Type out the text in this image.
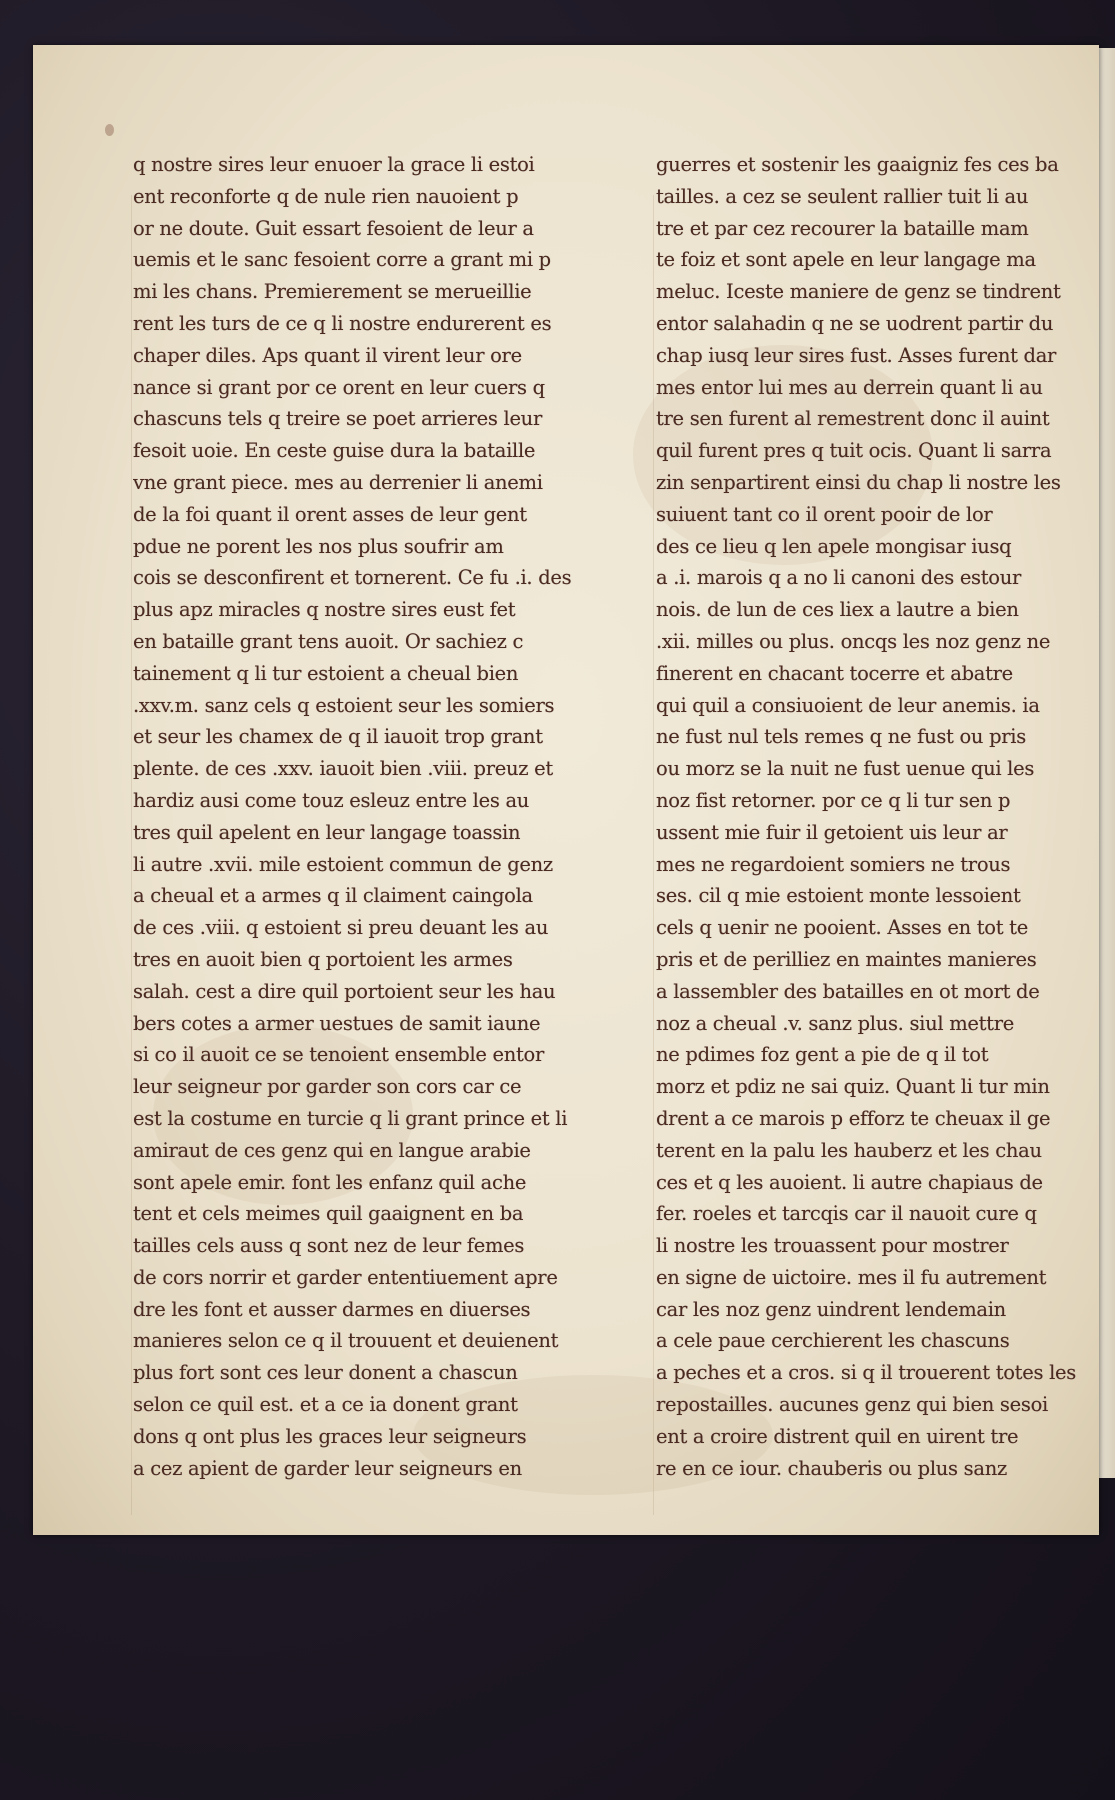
q nostre sires leur enuoer la grace li estoi
ent reconforte q de nule rien nauoient p
or ne doute. Guit essart fesoient de leur a
uemis et le sanc fesoient corre a grant mi p
mi les chans. Premierement se merueillie
rent les turs de ce q li nostre endurerent es
chaper diles. Aps quant il virent leur ore
nance si grant por ce orent en leur cuers q
chascuns tels q treire se poet arrieres leur
fesoit uoie. En ceste guise dura la bataille
vne grant piece. mes au derrenier li anemi
de la foi quant il orent asses de leur gent
pdue ne porent les nos plus soufrir am
cois se desconfirent et tornerent. Ce fu .i. des
plus apz miracles q nostre sires eust fet
en bataille grant tens auoit. Or sachiez c
tainement q li tur estoient a cheual bien
.xxv.m. sanz cels q estoient seur les somiers
et seur les chamex de q il iauoit trop grant
plente. de ces .xxv. iauoit bien .viii. preuz et
hardiz ausi come touz esleuz entre les au
tres quil apelent en leur langage toassin
li autre .xvii. mile estoient commun de genz
a cheual et a armes q il claiment caingola
de ces .viii. q estoient si preu deuant les au
tres en auoit bien q portoient les armes
salah. cest a dire quil portoient seur les hau
bers cotes a armer uestues de samit iaune
si co il auoit ce se tenoient ensemble entor
leur seigneur por garder son cors car ce
est la costume en turcie q li grant prince et li
amiraut de ces genz qui en langue arabie
sont apele emir. font les enfanz quil ache
tent et cels meimes quil gaaignent en ba
tailles cels auss q sont nez de leur femes
de cors norrir et garder ententiuement apre
dre les font et ausser darmes en diuerses
manieres selon ce q il trouuent et deuienent
plus fort sont ces leur donent a chascun
selon ce quil est. et a ce ia donent grant
dons q ont plus les graces leur seigneurs
a cez apient de garder leur seigneurs en
guerres et sostenir les gaaigniz fes ces ba
tailles. a cez se seulent rallier tuit li au
tre et par cez recourer la bataille mam
te foiz et sont apele en leur langage ma
meluc. Iceste maniere de genz se tindrent
entor salahadin q ne se uodrent partir du
chap iusq leur sires fust. Asses furent dar
mes entor lui mes au derrein quant li au
tre sen furent al remestrent donc il auint
quil furent pres q tuit ocis. Quant li sarra
zin senpartirent einsi du chap li nostre les
suiuent tant co il orent pooir de lor
des ce lieu q len apele mongisar iusq
a .i. marois q a no li canoni des estour
nois. de lun de ces liex a lautre a bien
.xii. milles ou plus. oncqs les noz genz ne
finerent en chacant tocerre et abatre
qui quil a consiuoient de leur anemis. ia
ne fust nul tels remes q ne fust ou pris
ou morz se la nuit ne fust uenue qui les
noz fist retorner. por ce q li tur sen p
ussent mie fuir il getoient uis leur ar
mes ne regardoient somiers ne trous
ses. cil q mie estoient monte lessoient
cels q uenir ne pooient. Asses en tot te
pris et de perilliez en maintes manieres
a lassembler des batailles en ot mort de
noz a cheual .v. sanz plus. siul mettre
ne pdimes foz gent a pie de q il tot
morz et pdiz ne sai quiz. Quant li tur min
drent a ce marois p efforz te cheuax il ge
terent en la palu les hauberz et les chau
ces et q les auoient. li autre chapiaus de
fer. roeles et tarcqis car il nauoit cure q
li nostre les trouassent pour mostrer
en signe de uictoire. mes il fu autrement
car les noz genz uindrent lendemain
a cele paue cerchierent les chascuns
a peches et a cros. si q il trouerent totes les
repostailles. aucunes genz qui bien sesoi
ent a croire distrent quil en uirent tre
re en ce iour. chauberis ou plus sanz
